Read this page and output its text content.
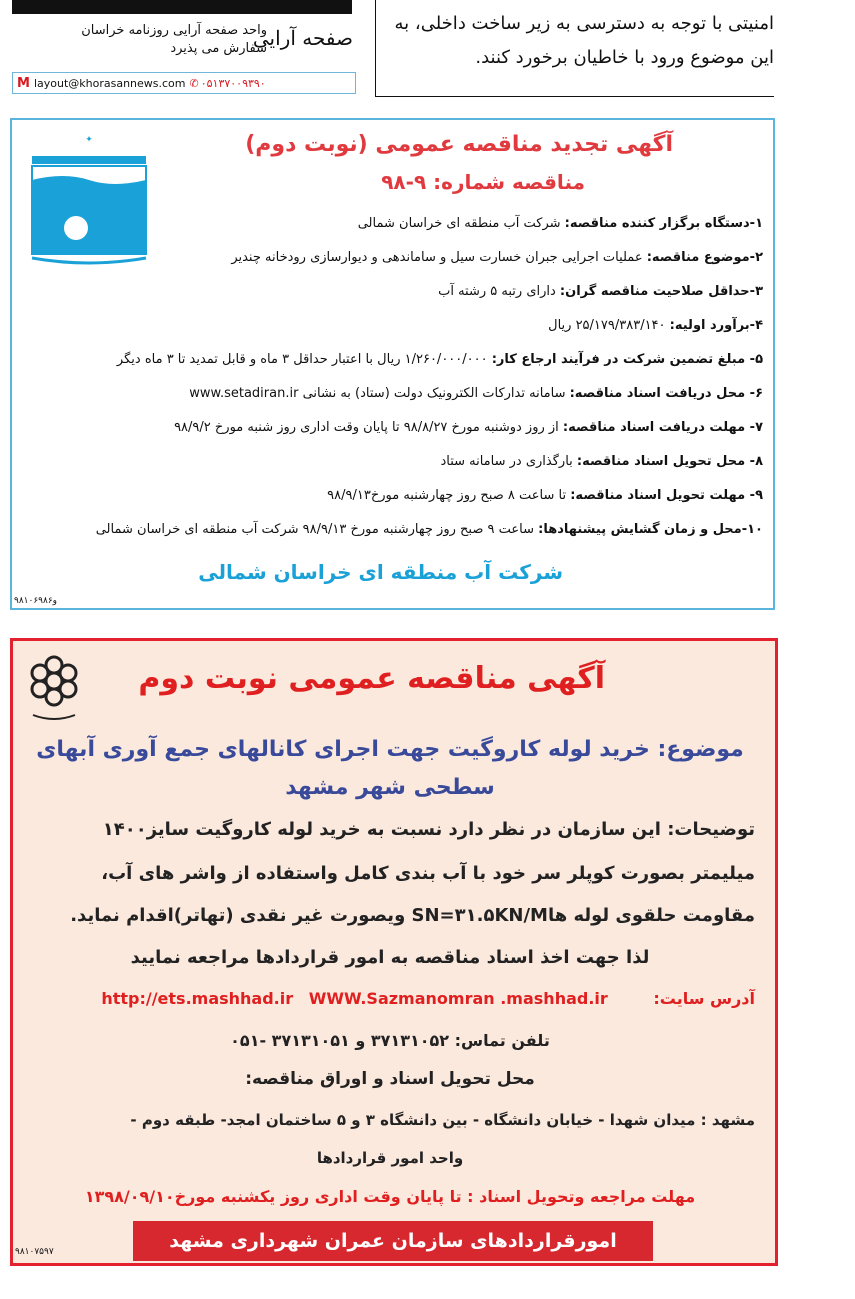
صفحه آرایی
واحد صفحه آرایی روزنامه خراسان
سفارش می پذیرد
M layout@khorasannews.com ✆ ۰۵۱۳۷۰۰۹۳۹۰
امنیتی با توجه به دسترسی به زیر ساخت داخلی، به
این موضوع ورود با خاطیان برخورد کنند.
✦	آگهی تجدید مناقصه عمومی (نوبت دوم)
مناقصه شماره: ۹-۹۸
۱-دستگاه برگزار کننده مناقصه: شرکت آب منطقه ای خراسان شمالی
۲-موضوع مناقصه: عملیات اجرایی جبران خسارت سیل و ساماندهی و دیوارسازی رودخانه چندیر
۳-حداقل صلاحیت مناقصه گران: دارای رتبه ۵ رشته آب
۴-برآورد اولیه: ۲۵/۱۷۹/۳۸۳/۱۴۰ ریال
۵- مبلغ تضمین شرکت در فرآیند ارجاع کار: ۱/۲۶۰/۰۰۰/۰۰۰ ریال با اعتبار حداقل ۳ ماه و قابل تمدید تا ۳ ماه دیگر
۶- محل دریافت اسناد مناقصه: سامانه تدارکات الکترونیک دولت (ستاد) به نشانی www.setadiran.ir
۷- مهلت دریافت اسناد مناقصه: از روز دوشنبه مورخ ۹۸/۸/۲۷ تا پایان وقت اداری روز شنبه مورخ ۹۸/۹/۲
۸- محل تحویل اسناد مناقصه: بارگذاری در سامانه ستاد
۹- مهلت تحویل اسناد مناقصه: تا ساعت ۸ صبح روز چهارشنبه مورخ۹۸/۹/۱۳
۱۰-محل و زمان گشایش پیشنهادها: ساعت ۹ صبح روز چهارشنبه مورخ ۹۸/۹/۱۳ شرکت آب منطقه ای خراسان شمالی
شرکت آب منطقه ای خراسان شمالی
و۹۸۱۰۶۹۸۶
آگهی مناقصه عمومی نوبت دوم
موضوع: خرید لوله کاروگیت جهت اجرای کانالهای جمع آوری آبهای
سطحی شهر مشهد
توضیحات: این سازمان در نظر دارد نسبت به خرید لوله کاروگیت سایز۱۴۰۰
میلیمتر بصورت کوپلر سر خود با آب بندی کامل واستفاده از واشر های آب،
مقاومت حلقوی لوله هاSN=۳۱.۵KN/M ویصورت غیر نقدی (تهاتر)اقدام نماید.
لذا جهت اخذ اسناد مناقصه به امور قراردادها مراجعه نمایید
آدرس سایت: http://ets.mashhad.ir WWW.Sazmanomran .mashhad.ir
تلفن تماس: ۳۷۱۳۱۰۵۲ و ۳۷۱۳۱۰۵۱ -۰۵۱
محل تحویل اسناد و اوراق مناقصه:
مشهد : میدان شهدا - خیابان دانشگاه - بین دانشگاه ۳ و ۵ ساختمان امجد- طبقه دوم -
واحد امور قراردادها
مهلت مراجعه وتحویل اسناد : تا پایان وقت اداری روز یکشنبه مورخ۱۳۹۸/۰۹/۱۰
امورقراردادهای سازمان عمران شهرداری مشهد
۹۸۱۰۷۵۹۷
